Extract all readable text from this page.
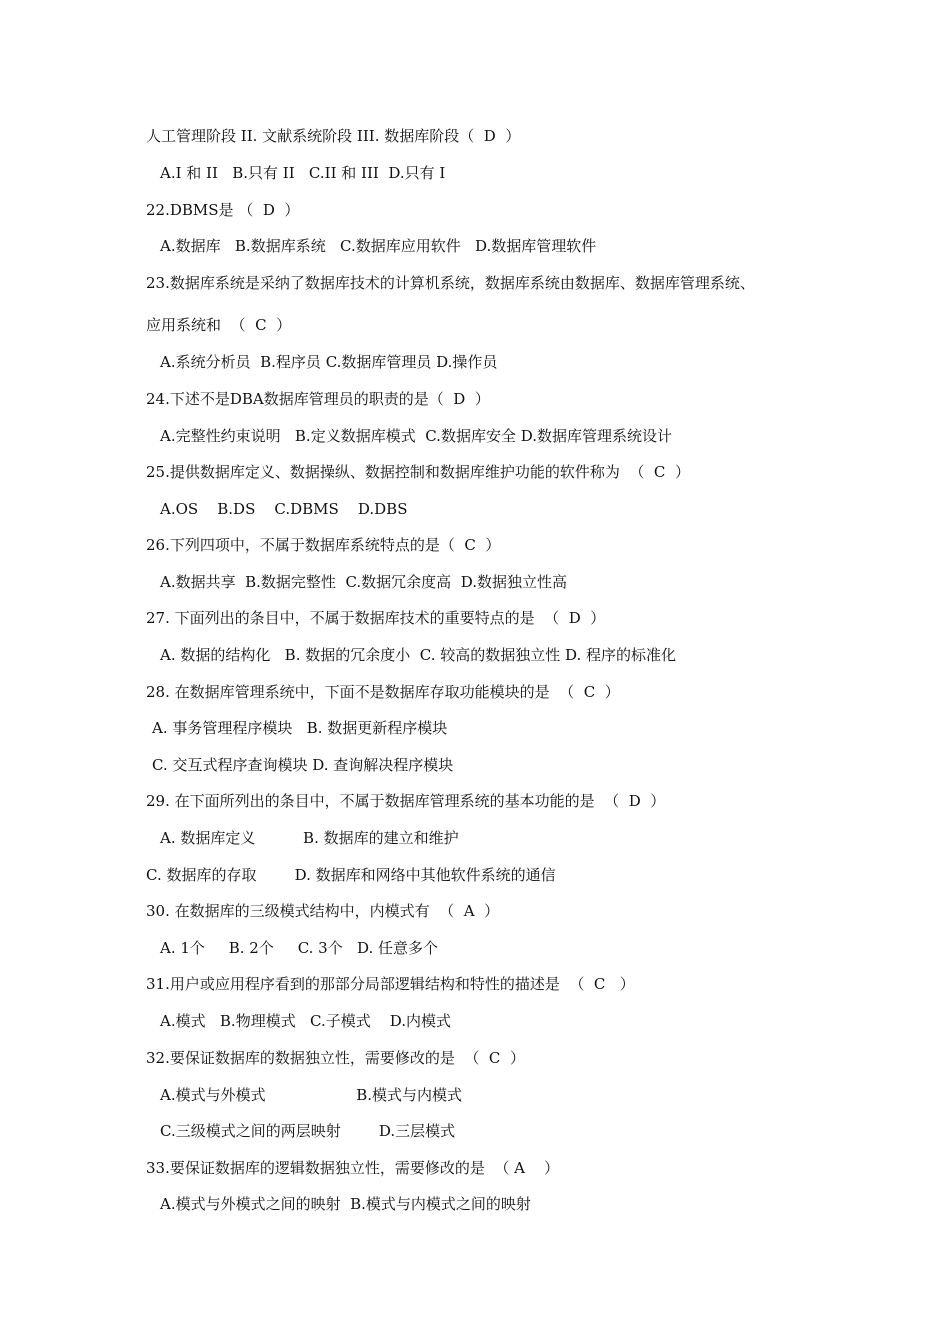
人工管理阶段 II. 文献系统阶段 III. 数据库阶段（  D  ）
A.I 和 II   B.只有 II   C.II 和 III  D.只有 I
22.DBMS是 （  D  ）
A.数据库   B.数据库系统   C.数据库应用软件   D.数据库管理软件
23.数据库系统是采纳了数据库技术的计算机系统，数据库系统由数据库、数据库管理系统、
应用系统和  （  C  ）
A.系统分析员  B.程序员 C.数据库管理员 D.操作员
24.下述不是DBA数据库管理员的职责的是（  D  ）
A.完整性约束说明   B.定义数据库模式  C.数据库安全 D.数据库管理系统设计
25.提供数据库定义、数据操纵、数据控制和数据库维护功能的软件称为  （  C  ）
A.OS    B.DS    C.DBMS    D.DBS
26.下列四项中，不属于数据库系统特点的是（  C  ）
A.数据共享  B.数据完整性  C.数据冗余度高  D.数据独立性高
27. 下面列出的条目中，不属于数据库技术的重要特点的是  （  D  ）
A. 数据的结构化   B. 数据的冗余度小  C. 较高的数据独立性 D. 程序的标准化
28. 在数据库管理系统中，下面不是数据库存取功能模块的是  （  C  ）
A. 事务管理程序模块   B. 数据更新程序模块
C. 交互式程序查询模块 D. 查询解决程序模块
29. 在下面所列出的条目中，不属于数据库管理系统的基本功能的是  （  D  ）
A. 数据库定义          B. 数据库的建立和维护
C. 数据库的存取        D. 数据库和网络中其他软件系统的通信
30. 在数据库的三级模式结构中，内模式有  （  A  ）
A. 1个     B. 2个     C. 3个   D. 任意多个
31.用户或应用程序看到的那部分局部逻辑结构和特性的描述是  （  C   ）
A.模式   B.物理模式   C.子模式    D.内模式
32.要保证数据库的数据独立性，需要修改的是  （  C  ）
A.模式与外模式                   B.模式与内模式
C.三级模式之间的两层映射        D.三层模式
33.要保证数据库的逻辑数据独立性，需要修改的是  （ A    ）
A.模式与外模式之间的映射  B.模式与内模式之间的映射
